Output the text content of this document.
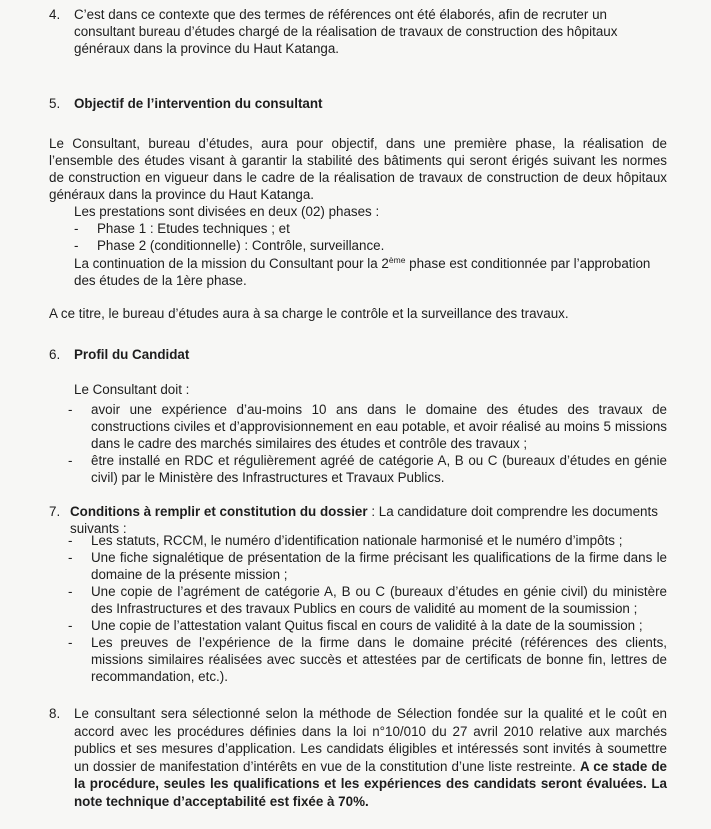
4. C’est dans ce contexte que des termes de références ont été élaborés, afin de recruter un consultant bureau d’études chargé de la réalisation de travaux de construction des hôpitaux généraux dans la province du Haut Katanga.

5. Objectif de l’intervention du consultant

Le Consultant, bureau d’études, aura pour objectif, dans une première phase, la réalisation de l’ensemble des études visant à garantir la stabilité des bâtiments qui seront érigés suivant les normes de construction en vigueur dans le cadre de la réalisation de travaux de construction de deux hôpitaux généraux dans la province du Haut Katanga.

Les prestations sont divisées en deux (02) phases :

- Phase 1 : Etudes techniques ; et
- Phase 2 (conditionnelle) : Contrôle, surveillance.

La continuation de la mission du Consultant pour la 2ème phase est conditionnée par l’approbation des études de la 1ère phase.

A ce titre, le bureau d’études aura à sa charge le contrôle et la surveillance des travaux.

6. Profil du Candidat

Le Consultant doit :

- avoir une expérience d’au-moins 10 ans dans le domaine des études des travaux de constructions civiles et d’approvisionnement en eau potable, et avoir réalisé au moins 5 missions dans le cadre des marchés similaires des études et contrôle des travaux ;
- être installé en RDC et régulièrement agréé de catégorie A, B ou C (bureaux d’études en génie civil) par le Ministère des Infrastructures et Travaux Publics.
7. Conditions à remplir et constitution du dossier : La candidature doit comprendre les documents suivants :

- Les statuts, RCCM, le numéro d’identification nationale harmonisé et le numéro d’impôts ;
- Une fiche signalétique de présentation de la firme précisant les qualifications de la firme dans le domaine de la présente mission ;
- Une copie de l’agrément de catégorie A, B ou C (bureaux d’études en génie civil) du ministère des Infrastructures et des travaux Publics en cours de validité au moment de la soumission ;
- Une copie de l’attestation valant Quitus fiscal en cours de validité à la date de la soumission ;
- Les preuves de l’expérience de la firme dans le domaine précité (références des clients, missions similaires réalisées avec succès et attestées par de certificats de bonne fin, lettres de recommandation, etc.).
8. Le consultant sera sélectionné selon la méthode de Sélection fondée sur la qualité et le coût en accord avec les procédures définies dans la loi n°10/010 du 27 avril 2010 relative aux marchés publics et ses mesures d’application. Les candidats éligibles et intéressés sont invités à soumettre un dossier de manifestation d’intérêts en vue de la constitution d’une liste restreinte. A ce stade de la procédure, seules les qualifications et les expériences des candidats seront évaluées. La note technique d’acceptabilité est fixée à 70%.
